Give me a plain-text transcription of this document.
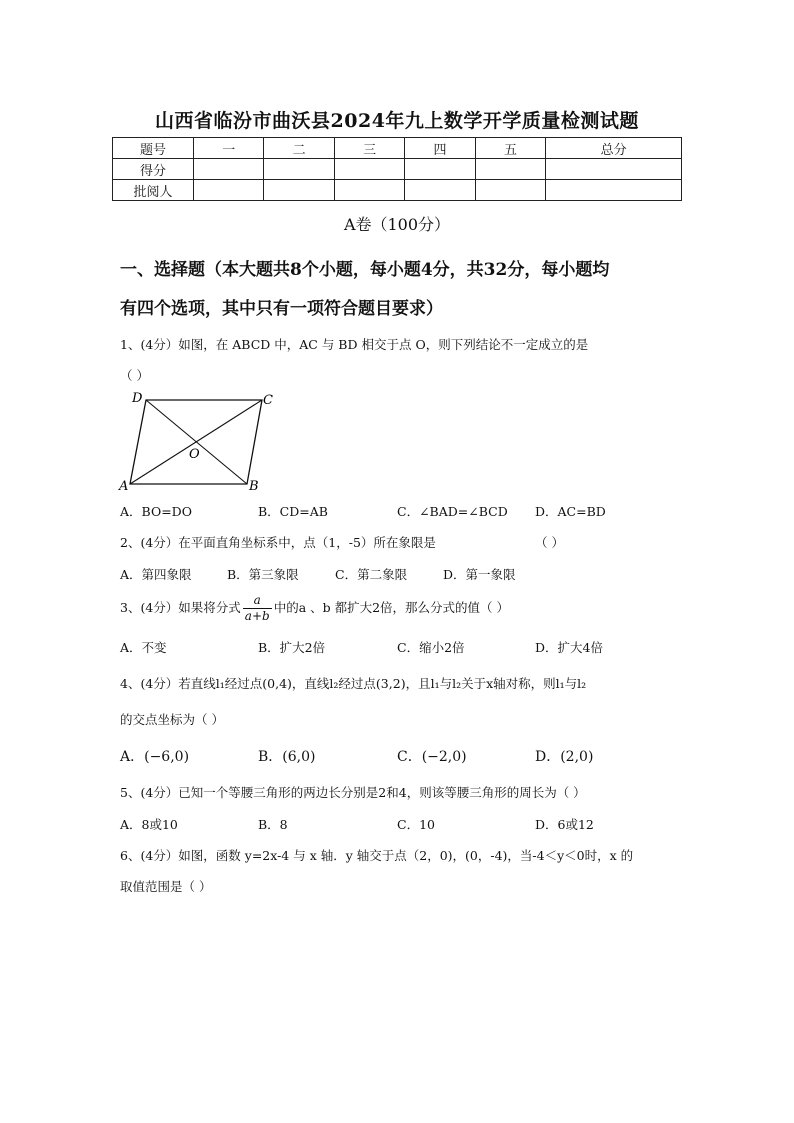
山西省临汾市曲沃县2024年九上数学开学质量检测试题
题号	一	二	三	四	五	总分
得分						
批阅人						
A卷（100分）
一、选择题（本大题共8个小题，每小题4分，共32分，每小题均
有四个选项，其中只有一项符合题目要求）
1、(4分）如图，在 ABCD 中，AC 与 BD 相交于点 O，则下列结论不一定成立的是
（ ）
D	C
A	B
O
A．BO=DO	B．CD=AB	C．∠BAD=∠BCD D．AC=BD
2、(4分）在平面直角坐标系中，点（1，-5）所在象限是	（ ）
A．第四象限	B．第三象限	C．第二象限	D．第一象限
3、(4分）如果将分式 $\frac{a}{a+b}$ 中的a 、b 都扩大2倍，那么分式的值（ ）
A．不变	B．扩大2倍	C．缩小2倍	D．扩大4倍
4、(4分）若直线l₁经过点(0,4)，直线l₂经过点(3,2)，且l₁与l₂关于x轴对称，则l₁与l₂
的交点坐标为（ ）
A．(−6,0)	B．(6,0)	C．(−2,0)	D．(2,0)
5、(4分）已知一个等腰三角形的两边长分别是2和4，则该等腰三角形的周长为（ ）
A．8或10	B．8	C．10	D．6或12
6、(4分）如图，函数 y=2x-4 与 x 轴．y 轴交于点（2，0)，(0，-4)，当-4＜y＜0时，x 的
取值范围是（ ）
